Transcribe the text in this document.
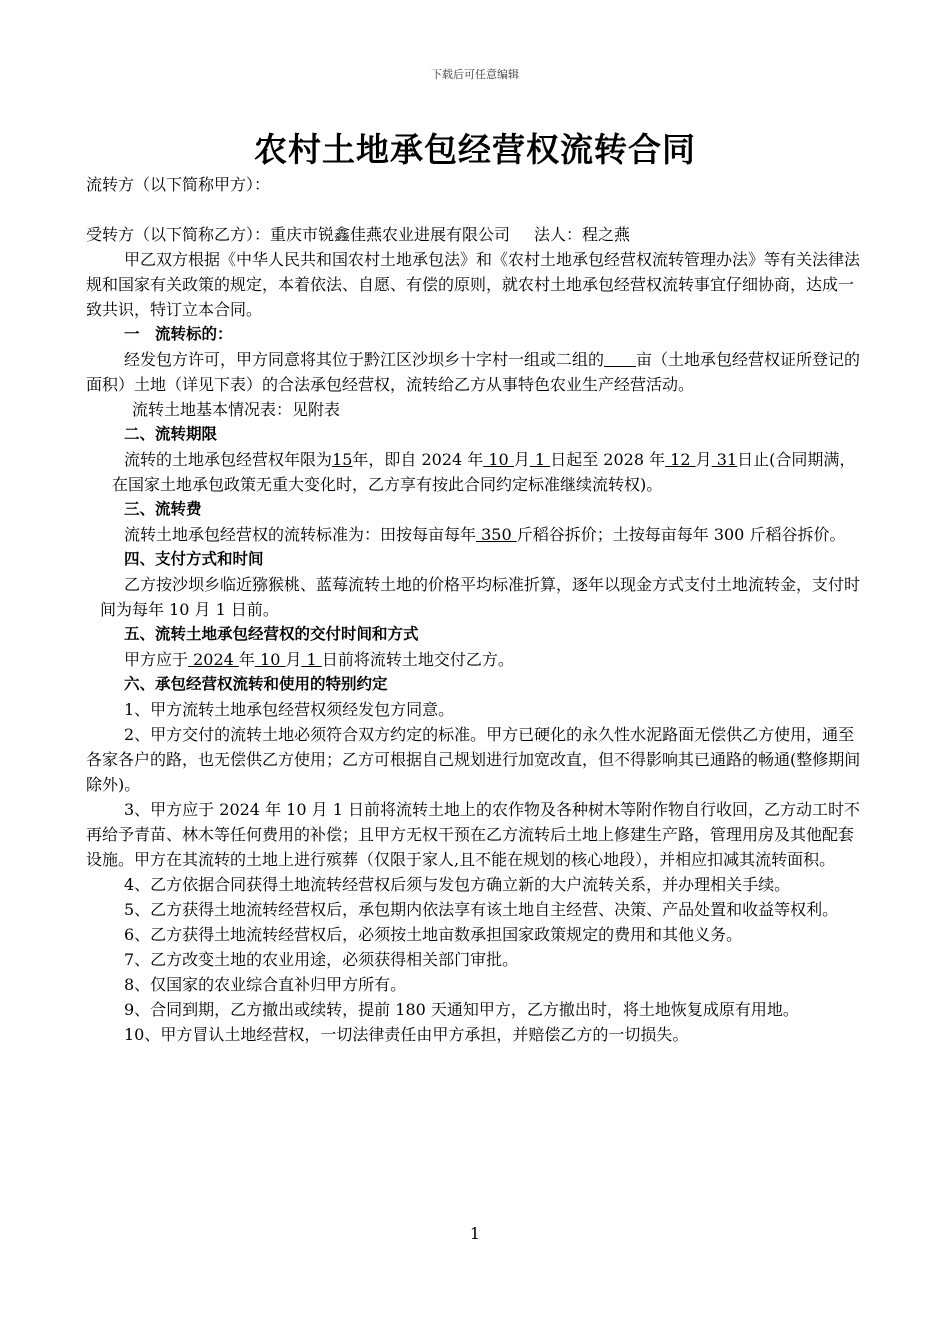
下载后可任意编辑
农村土地承包经营权流转合同

流转方（以下简称甲方）：

受转方（以下简称乙方）：重庆市锐鑫佳燕农业进展有限公司 法人：程之燕

甲乙双方根据《中华人民共和国农村土地承包法》和《农村土地承包经营权流转管理办法》等有关法律法规和国家有关政策的规定，本着依法、自愿、有偿的原则，就农村土地承包经营权流转事宜仔细协商，达成一致共识，特订立本合同。

一　流转标的：

经发包方许可，甲方同意将其位于黔江区沙坝乡十字村一组或二组的　　 亩（土地承包经营权证所登记的面积）土地（详见下表）的合法承包经营权，流转给乙方从事特色农业生产经营活动。

流转土地基本情况表：见附表

二、流转期限

流转的土地承包经营权年限为15年，即自 2024 年 10 月 1 日起至 2028 年 12 月 31日止(合同期满，在国家土地承包政策无重大变化时，乙方享有按此合同约定标准继续流转权)。

三、流转费

流转土地承包经营权的流转标准为：田按每亩每年 350 斤稻谷拆价；土按每亩每年 300 斤稻谷拆价。

四、支付方式和时间

乙方按沙坝乡临近猕猴桃、蓝莓流转土地的价格平均标准折算，逐年以现金方式支付土地流转金，支付时间为每年 10 月 1 日前。

五、流转土地承包经营权的交付时间和方式

甲方应于 2024 年 10 月 1 日前将流转土地交付乙方。

六、承包经营权流转和使用的特别约定

1、甲方流转土地承包经营权须经发包方同意。

2、甲方交付的流转土地必须符合双方约定的标准。甲方已硬化的永久性水泥路面无偿供乙方使用，通至各家各户的路，也无偿供乙方使用；乙方可根据自己规划进行加宽改直，但不得影响其已通路的畅通(整修期间除外)。

3、甲方应于 2024 年 10 月 1 日前将流转土地上的农作物及各种树木等附作物自行收回，乙方动工时不再给予青苗、林木等任何费用的补偿；且甲方无权干预在乙方流转后土地上修建生产路，管理用房及其他配套设施。甲方在其流转的土地上进行殡葬（仅限于家人,且不能在规划的核心地段），并相应扣减其流转面积。

4、乙方依据合同获得土地流转经营权后须与发包方确立新的大户流转关系，并办理相关手续。

5、乙方获得土地流转经营权后，承包期内依法享有该土地自主经营、决策、产品处置和收益等权利。

6、乙方获得土地流转经营权后，必须按土地亩数承担国家政策规定的费用和其他义务。

7、乙方改变土地的农业用途，必须获得相关部门审批。

8、仅国家的农业综合直补归甲方所有。

9、合同到期，乙方撤出或续转，提前 180 天通知甲方，乙方撤出时，将土地恢复成原有用地。

10、甲方冒认土地经营权，一切法律责任由甲方承担，并赔偿乙方的一切损失。

1
